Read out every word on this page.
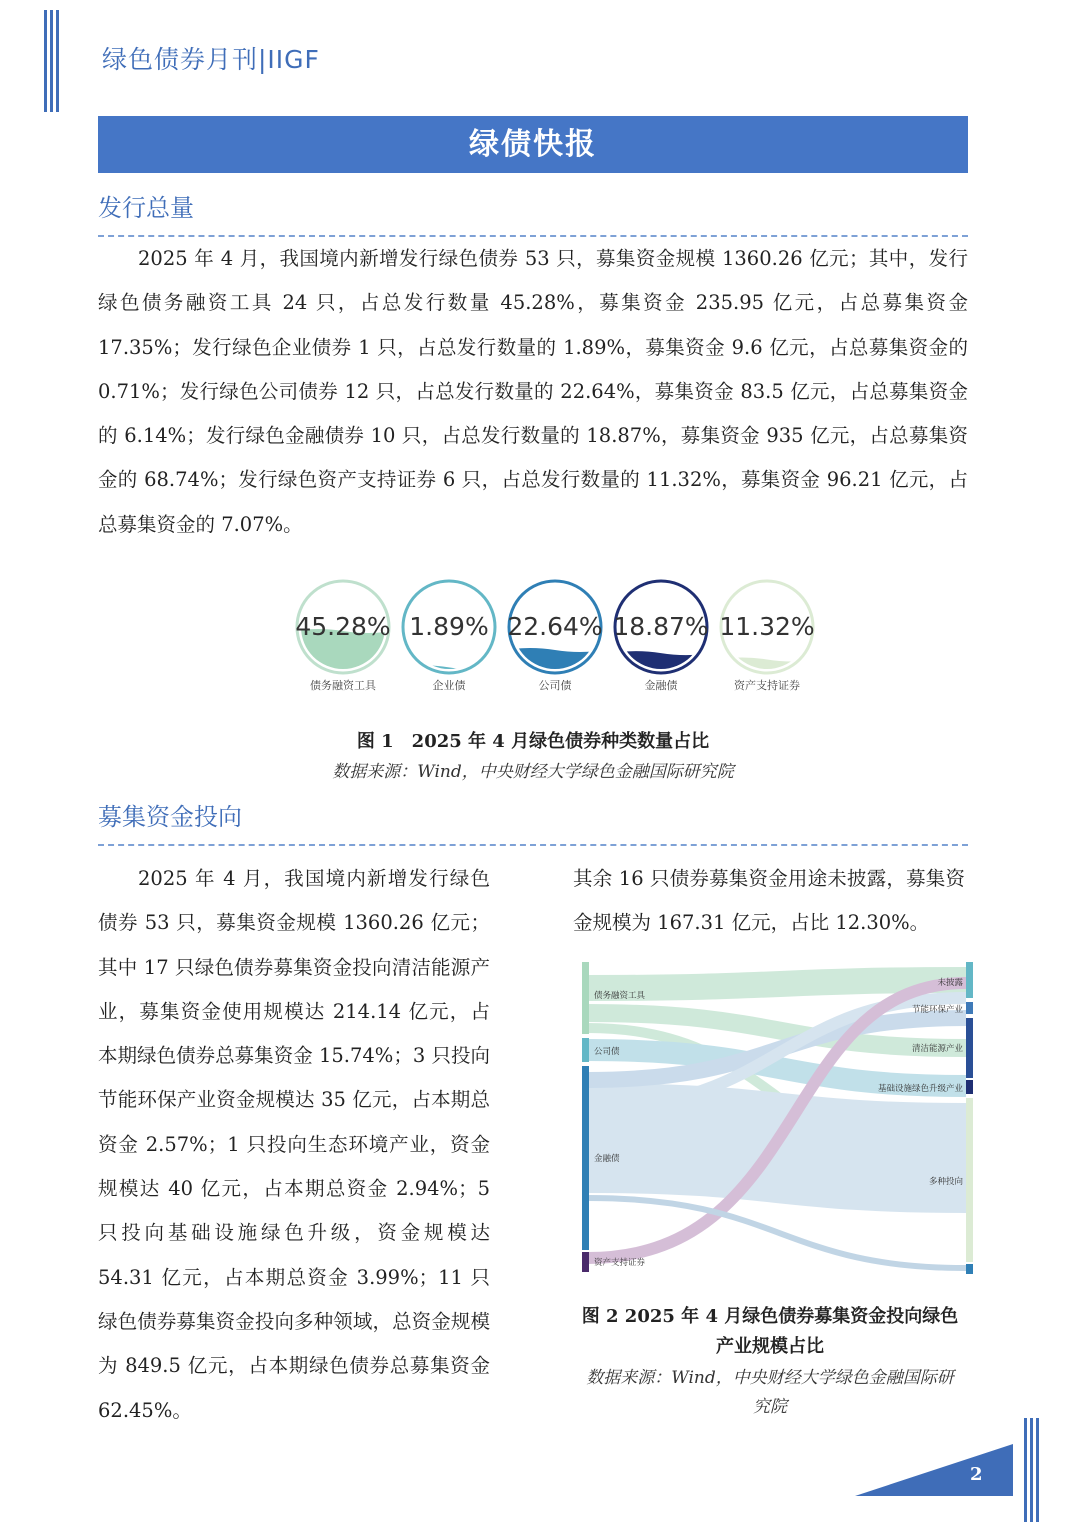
绿色债券月刊|IIGF
绿债快报
发行总量
2025 年 4 月，我国境内新增发行绿色债券 53 只，募集资金规模 1360.26 亿元；其中，发行绿色债务融资工具 24 只，占总发行数量 45.28%，募集资金 235.95 亿元，占总募集资金 17.35%；发行绿色企业债券 1 只，占总发行数量的 1.89%，募集资金 9.6 亿元，占总募集资金的 0.71%；发行绿色公司债券 12 只，占总发行数量的 22.64%，募集资金 83.5 亿元，占总募集资金的 6.14%；发行绿色金融债券 10 只，占总发行数量的 18.87%，募集资金 935 亿元，占总募集资金的 68.74%；发行绿色资产支持证券 6 只，占总发行数量的 11.32%，募集资金 96.21 亿元，占总募集资金的 7.07%。
45.28%
债务融资工具
1.89%
企业债
22.64%
公司债
18.87%
金融债
11.32%
资产支持证券
图 1　2025 年 4 月绿色债券种类数量占比
数据来源：Wind，中央财经大学绿色金融国际研究院
募集资金投向
2025 年 4 月，我国境内新增发行绿色债券 53 只，募集资金规模 1360.26 亿元；其中 17 只绿色债券募集资金投向清洁能源产业，募集资金使用规模达 214.14 亿元，占本期绿色债券总募集资金 15.74%；3 只投向节能环保产业资金规模达 35 亿元，占本期总资金 2.57%；1 只投向生态环境产业，资金规模达 40 亿元，占本期总资金 2.94%；5 只投向基础设施绿色升级，资金规模达 54.31 亿元，占本期总资金 3.99%；11 只绿色债券募集资金投向多种领域，总资金规模为 849.5 亿元，占本期绿色债券总募集资金 62.45%。
其余 16 只债券募集资金用途未披露，募集资金规模为 167.31 亿元，占比 12.30%。
债务融资工具
公司债
金融债
资产支持证券
未披露
节能环保产业
清洁能源产业
基础设施绿色升级产业
多种投向
图 2 2025 年 4 月绿色债券募集资金投向绿色
产业规模占比
数据来源：Wind，中央财经大学绿色金融国际研
究院
2
